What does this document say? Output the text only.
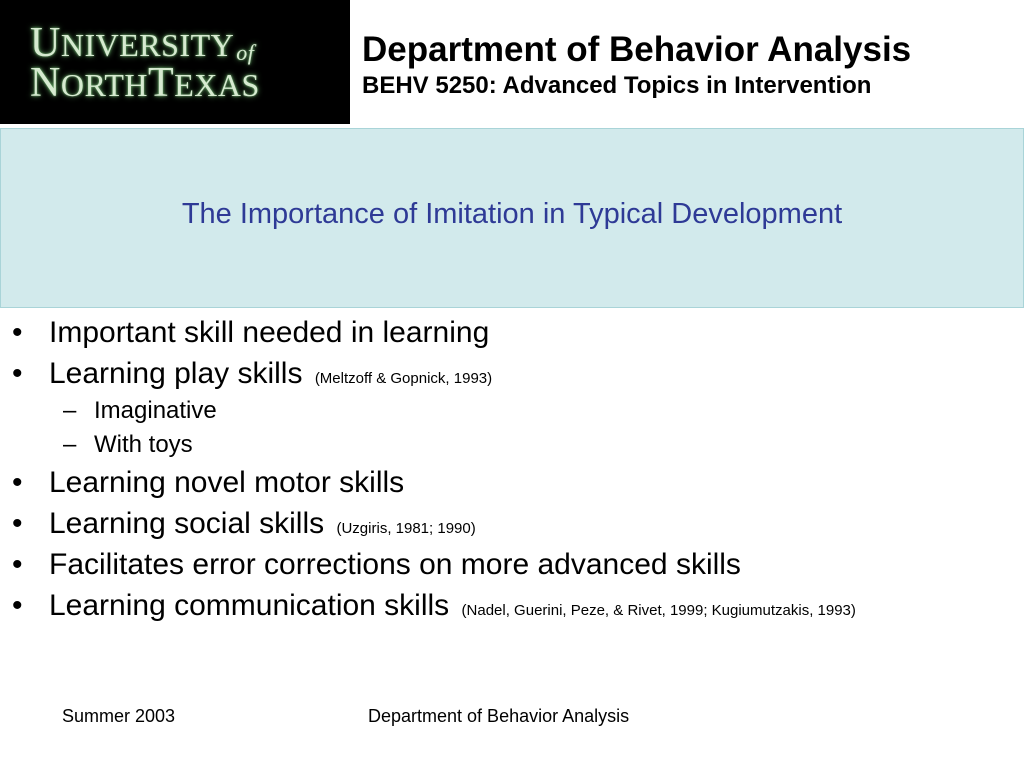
UNIVERSITYof
NORTHTEXAS
Department of Behavior Analysis
BEHV 5250: Advanced Topics in Intervention
The Importance of Imitation in Typical Development
• Important skill needed in learning
• Learning play skills (Meltzoff & Gopnick, 1993)
– Imaginative
– With toys
• Learning novel motor skills
• Learning social skills (Uzgiris, 1981; 1990)
• Facilitates error corrections on more advanced skills
• Learning communication skills (Nadel, Guerini, Peze, & Rivet, 1999; Kugiumutzakis, 1993)
Summer 2003	Department of Behavior Analysis
